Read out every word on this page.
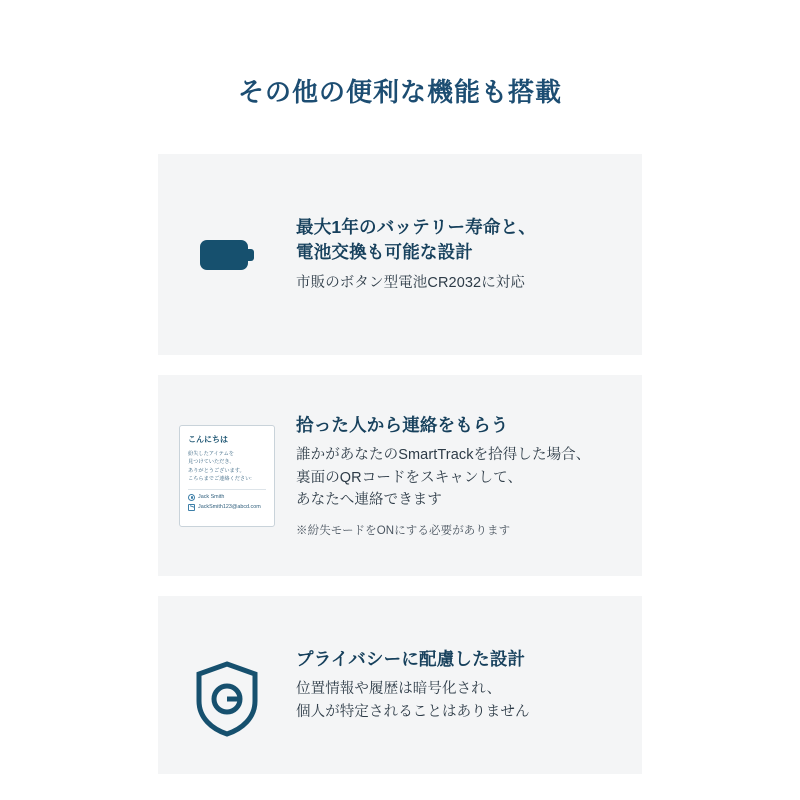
その他の便利な機能も搭載
最大1年のバッテリー寿命と、
電池交換も可能な設計
市販のボタン型電池CR2032に対応
こんにちは
紛失したアイテムを
見つけていただき、
ありがとうございます。
こちらまでご連絡ください:
Jack Smith
JackSmith123@abcd.com
拾った人から連絡をもらう
誰かがあなたのSmartTrackを拾得した場合、
裏面のQRコードをスキャンして、
あなたへ連絡できます
※紛失モードをONにする必要があります
プライバシーに配慮した設計
位置情報や履歴は暗号化され、
個人が特定されることはありません
